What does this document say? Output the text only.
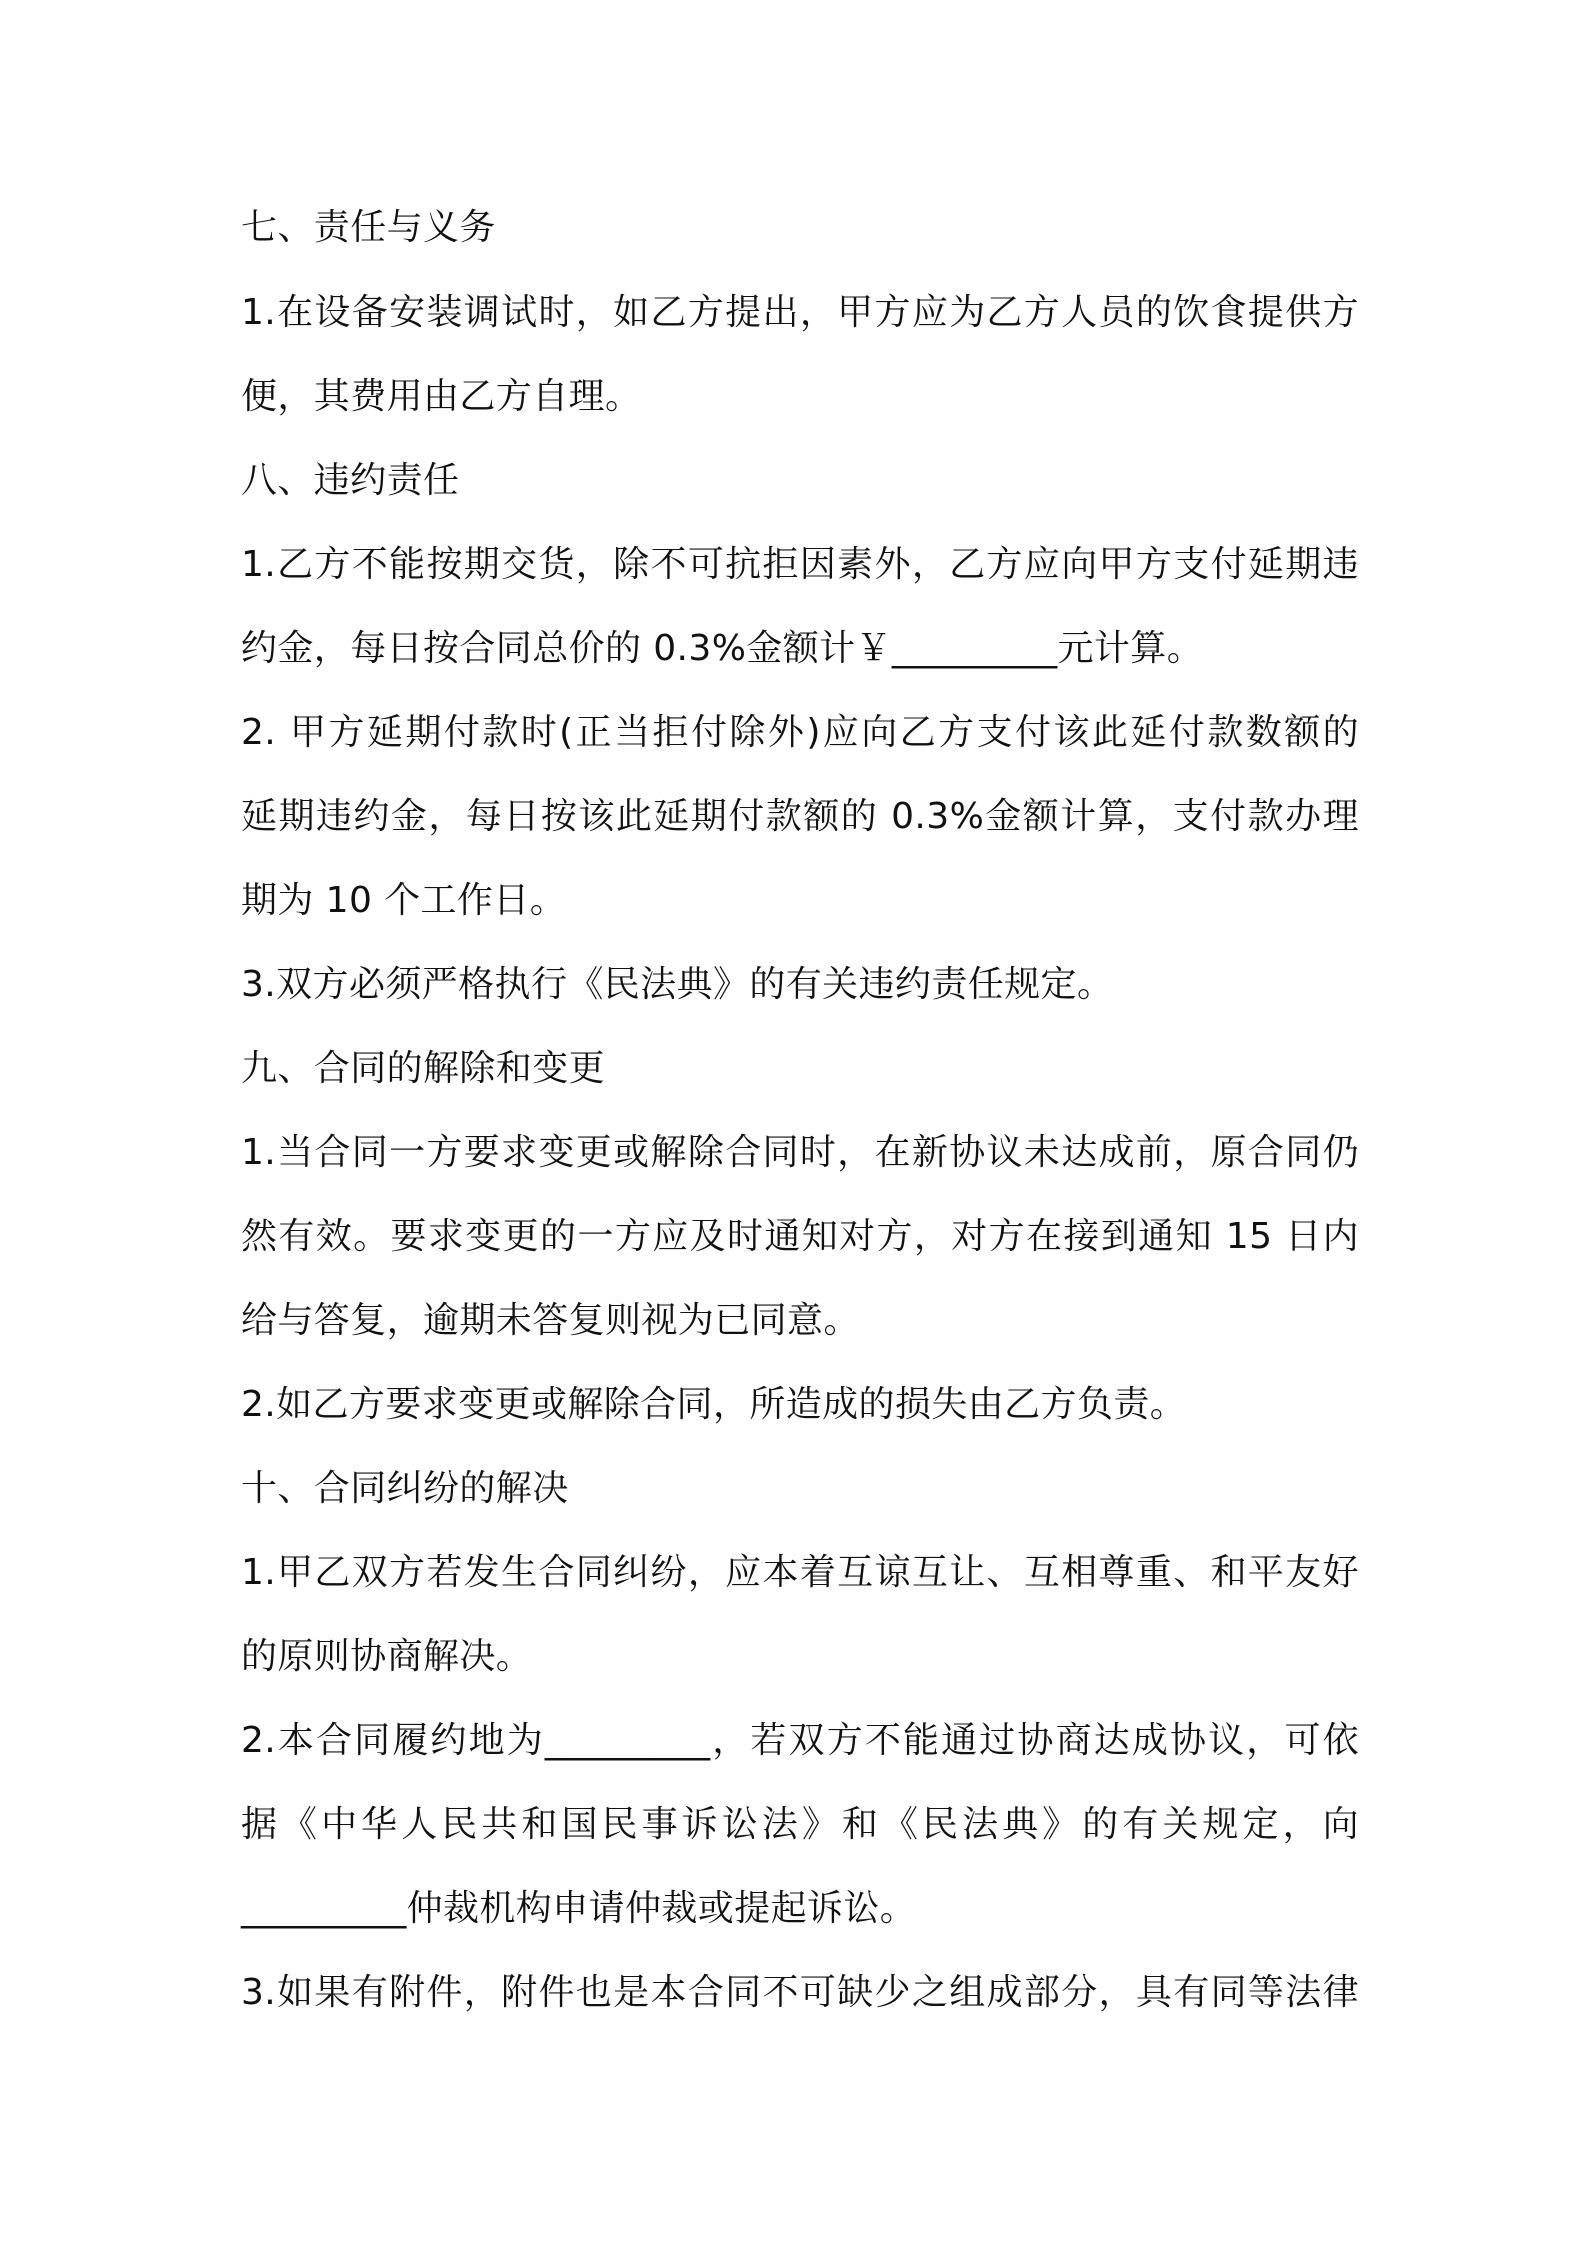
七、责任与义务

1.在设备安装调试时，如乙方提出，甲方应为乙方人员的饮食提供方

便，其费用由乙方自理。

八、违约责任

1.乙方不能按期交货，除不可抗拒因素外，乙方应向甲方支付延期违

约金，每日按合同总价的 0.3%金额计￥_________元计算。

2. 甲方延期付款时(正当拒付除外)应向乙方支付该此延付款数额的

延期违约金，每日按该此延期付款额的 0.3%金额计算，支付款办理

期为 10 个工作日。

3.双方必须严格执行《民法典》的有关违约责任规定。

九、合同的解除和变更

1.当合同一方要求变更或解除合同时，在新协议未达成前，原合同仍

然有效。要求变更的一方应及时通知对方，对方在接到通知 15 日内

给与答复，逾期未答复则视为已同意。

2.如乙方要求变更或解除合同，所造成的损失由乙方负责。

十、合同纠纷的解决

1.甲乙双方若发生合同纠纷，应本着互谅互让、互相尊重、和平友好

的原则协商解决。

2.本合同履约地为_________，若双方不能通过协商达成协议，可依

据《中华人民共和国民事诉讼法》和《民法典》的有关规定，向

_________仲裁机构申请仲裁或提起诉讼。

3.如果有附件，附件也是本合同不可缺少之组成部分，具有同等法律
